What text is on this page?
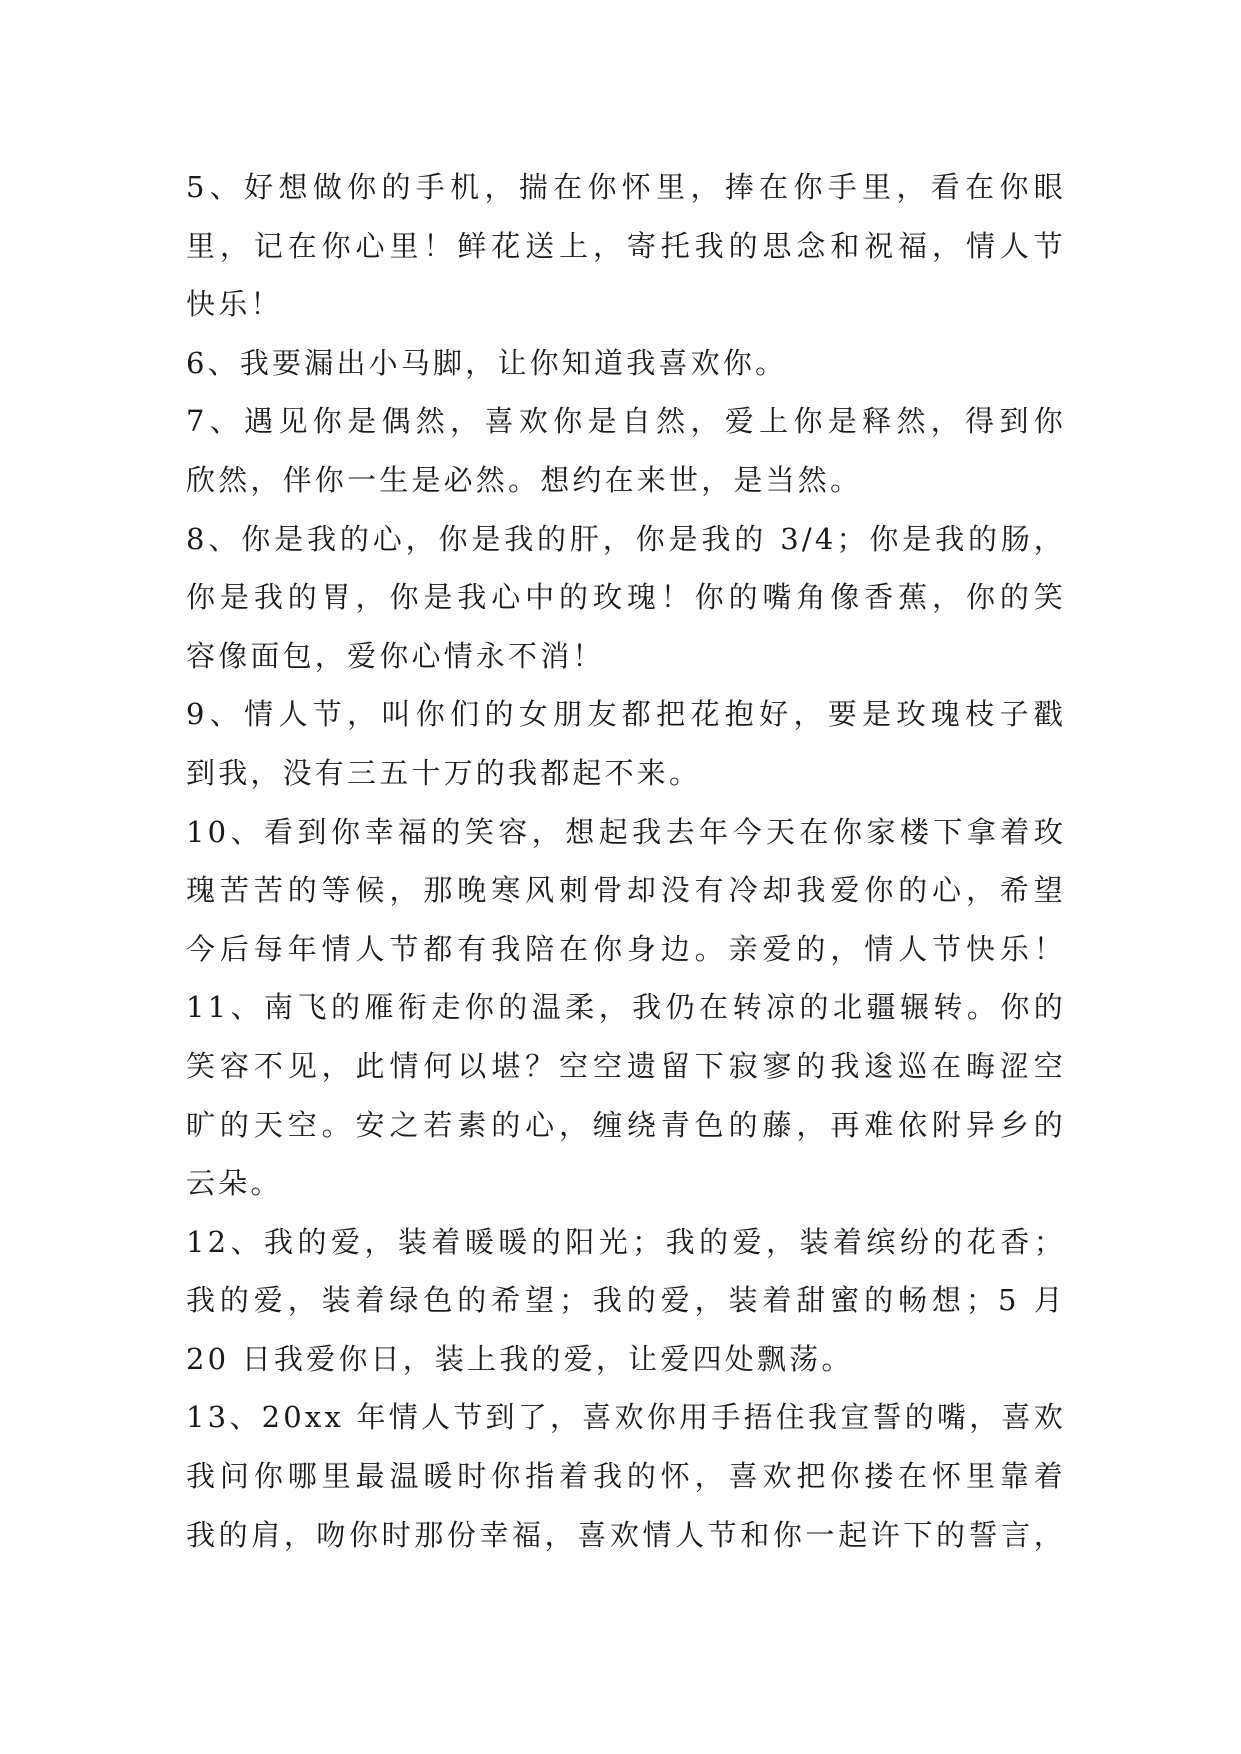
5、好想做你的手机，揣在你怀里，捧在你手里，看在你眼
里，记在你心里！鲜花送上，寄托我的思念和祝福，情人节
快乐！
6、我要漏出小马脚，让你知道我喜欢你。
7、遇见你是偶然，喜欢你是自然，爱上你是释然，得到你
欣然，伴你一生是必然。想约在来世，是当然。
8、你是我的心，你是我的肝，你是我的 3/4；你是我的肠，
你是我的胃，你是我心中的玫瑰！你的嘴角像香蕉，你的笑
容像面包，爱你心情永不消！
9、情人节，叫你们的女朋友都把花抱好，要是玫瑰枝子戳
到我，没有三五十万的我都起不来。
10、看到你幸福的笑容，想起我去年今天在你家楼下拿着玫
瑰苦苦的等候，那晚寒风刺骨却没有冷却我爱你的心，希望
今后每年情人节都有我陪在你身边。亲爱的，情人节快乐！
11、南飞的雁衔走你的温柔，我仍在转凉的北疆辗转。你的
笑容不见，此情何以堪？空空遗留下寂寥的我逡巡在晦涩空
旷的天空。安之若素的心，缠绕青色的藤，再难依附异乡的
云朵。
12、我的爱，装着暖暖的阳光；我的爱，装着缤纷的花香；
我的爱，装着绿色的希望；我的爱，装着甜蜜的畅想；5 月
20 日我爱你日，装上我的爱，让爱四处飘荡。
13、20xx 年情人节到了，喜欢你用手捂住我宣誓的嘴，喜欢
我问你哪里最温暖时你指着我的怀，喜欢把你搂在怀里靠着
我的肩，吻你时那份幸福，喜欢情人节和你一起许下的誓言，
